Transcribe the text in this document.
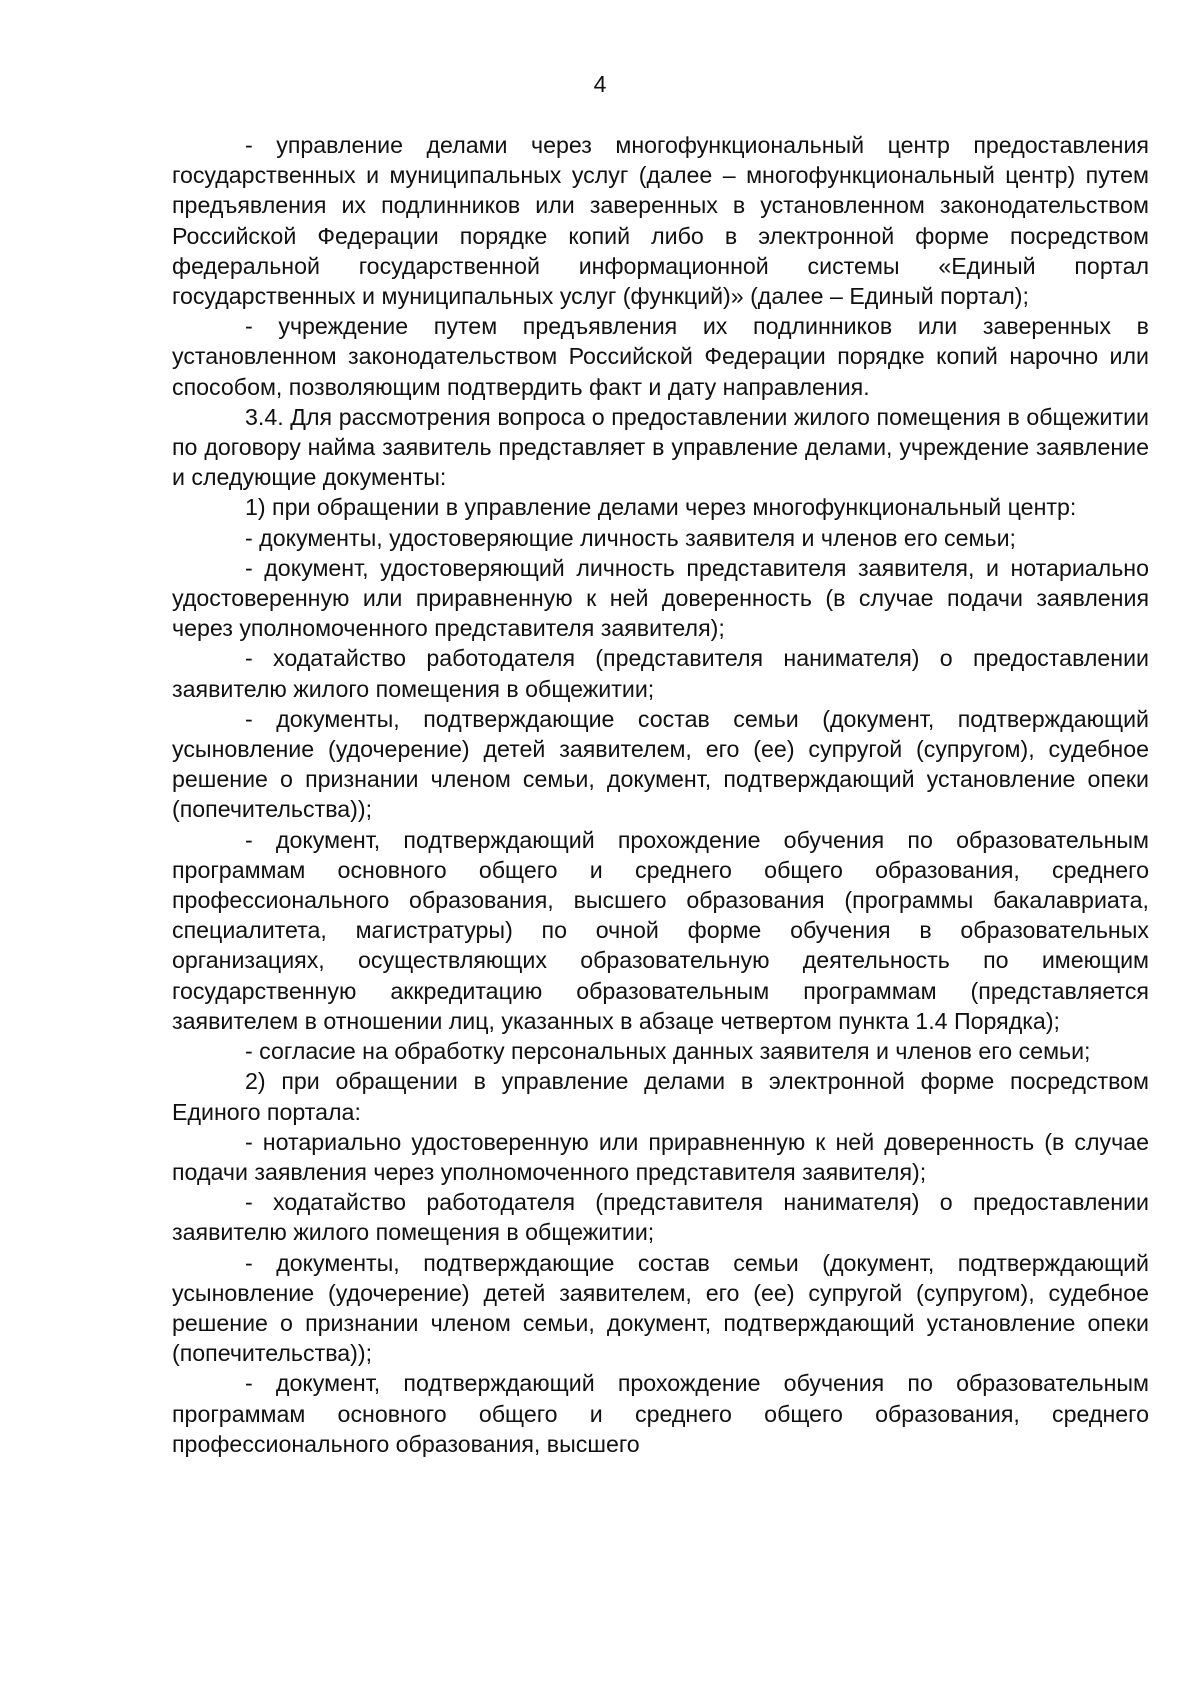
4

- управление делами через многофункциональный центр предоставления государственных и муниципальных услуг (далее – многофункциональный центр) путем предъявления их подлинников или заверенных в установленном законодательством Российской Федерации порядке копий либо в электронной форме посредством федеральной государственной информационной системы «Единый портал государственных и муниципальных услуг (функций)» (далее – Единый портал);

- учреждение путем предъявления их подлинников или заверенных в установленном законодательством Российской Федерации порядке копий нарочно или способом, позволяющим подтвердить факт и дату направления.

3.4. Для рассмотрения вопроса о предоставлении жилого помещения в общежитии по договору найма заявитель представляет в управление делами, учреждение заявление и следующие документы:

1) при обращении в управление делами через многофункциональный центр:

- документы, удостоверяющие личность заявителя и членов его семьи;

- документ, удостоверяющий личность представителя заявителя, и нотариально удостоверенную или приравненную к ней доверенность (в случае подачи заявления через уполномоченного представителя заявителя);

- ходатайство работодателя (представителя нанимателя) о предоставлении заявителю жилого помещения в общежитии;

- документы, подтверждающие состав семьи (документ, подтверждающий усыновление (удочерение) детей заявителем, его (ее) супругой (супругом), судебное решение о признании членом семьи, документ, подтверждающий установление опеки (попечительства));

- документ, подтверждающий прохождение обучения по образовательным программам основного общего и среднего общего образования, среднего профессионального образования, высшего образования (программы бакалавриата, специалитета, магистратуры) по очной форме обучения в образовательных организациях, осуществляющих образовательную деятельность по имеющим государственную аккредитацию образовательным программам (представляется заявителем в отношении лиц, указанных в абзаце четвертом пункта 1.4 Порядка);

- согласие на обработку персональных данных заявителя и членов его семьи;

2) при обращении в управление делами в электронной форме посредством Единого портала:

- нотариально удостоверенную или приравненную к ней доверенность (в случае подачи заявления через уполномоченного представителя заявителя);

- ходатайство работодателя (представителя нанимателя) о предоставлении заявителю жилого помещения в общежитии;

- документы, подтверждающие состав семьи (документ, подтверждающий усыновление (удочерение) детей заявителем, его (ее) супругой (супругом), судебное решение о признании членом семьи, документ, подтверждающий установление опеки (попечительства));

- документ, подтверждающий прохождение обучения по образовательным программам основного общего и среднего общего образования, среднего профессионального образования, высшего
